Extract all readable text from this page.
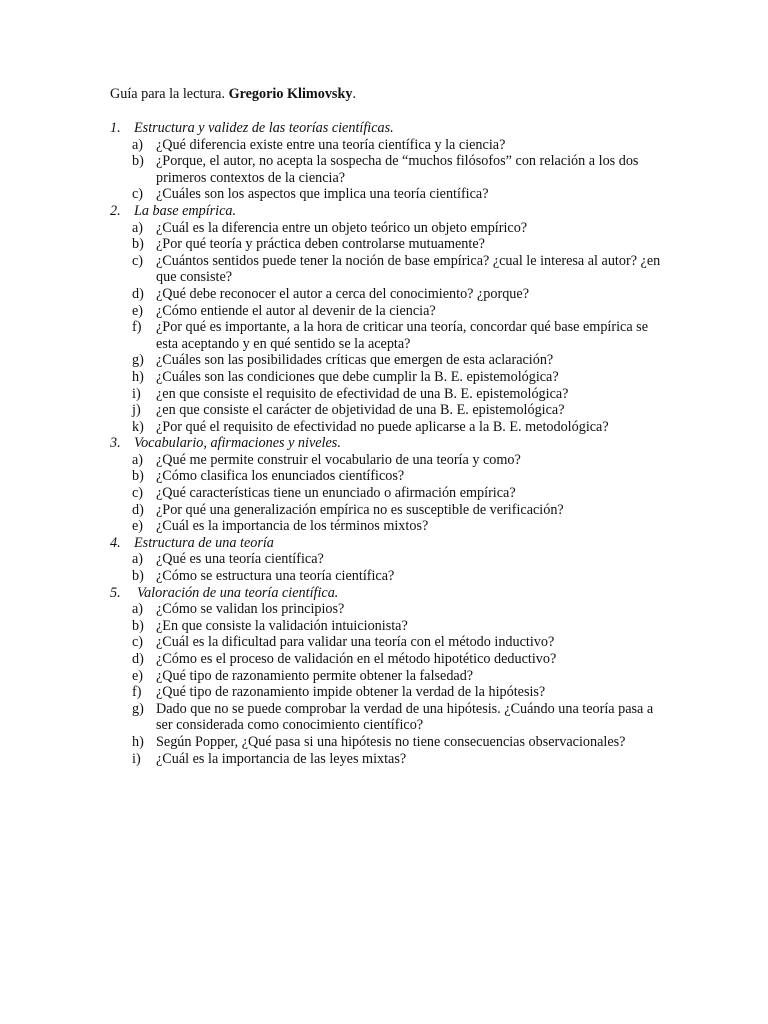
Guía para la lectura. Gregorio Klimovsky.
1. Estructura y validez de las teorías científicas.
a) ¿Qué diferencia existe entre una teoría científica y la ciencia?
b) ¿Porque, el autor, no acepta la sospecha de “muchos filósofos” con relación a los dos primeros contextos de la ciencia?
c) ¿Cuáles son los aspectos que implica una teoría científica?
2. La base empírica.
a) ¿Cuál es la diferencia entre un objeto teórico un objeto empírico?
b) ¿Por qué teoría y práctica deben controlarse mutuamente?
c) ¿Cuántos sentidos puede tener la noción de base empírica? ¿cual le interesa al autor? ¿en que consiste?
d) ¿Qué debe reconocer el autor a cerca del conocimiento? ¿porque?
e) ¿Cómo entiende el autor al devenir de la ciencia?
f) ¿Por qué es importante, a la hora de criticar una teoría, concordar qué base empírica se esta aceptando y en qué sentido se la acepta?
g) ¿Cuáles son las posibilidades críticas que emergen de esta aclaración?
h) ¿Cuáles son las condiciones que debe cumplir la B. E. epistemológica?
i) ¿en que consiste el requisito de efectividad de una B. E. epistemológica?
j) ¿en que consiste el carácter de objetividad de una B. E. epistemológica?
k) ¿Por qué el requisito de efectividad no puede aplicarse a la B. E. metodológica?
3. Vocabulario, afirmaciones y niveles.
a) ¿Qué me permite construir el vocabulario de una teoría y como?
b) ¿Cómo clasifica los enunciados científicos?
c) ¿Qué características tiene un enunciado o afirmación empírica?
d) ¿Por qué una generalización empírica no es susceptible de verificación?
e) ¿Cuál es la importancia de los términos mixtos?
4. Estructura de una teoría
a) ¿Qué es una teoría científica?
b) ¿Cómo se estructura una teoría científica?
5.	Valoración de una teoría científica.
a) ¿Cómo se validan los principios?
b) ¿En que consiste la validación intuicionista?
c) ¿Cuál es la dificultad para validar una teoría con el método inductivo?
d) ¿Cómo es el proceso de validación en el método hipotético deductivo?
e) ¿Qué tipo de razonamiento permite obtener la falsedad?
f) ¿Qué tipo de razonamiento impide obtener la verdad de la hipótesis?
g) Dado que no se puede comprobar la verdad de una hipótesis. ¿Cuándo una teoría pasa a ser considerada como conocimiento científico?
h) Según Popper, ¿Qué pasa si una hipótesis no tiene consecuencias observacionales?
i) ¿Cuál es la importancia de las leyes mixtas?
